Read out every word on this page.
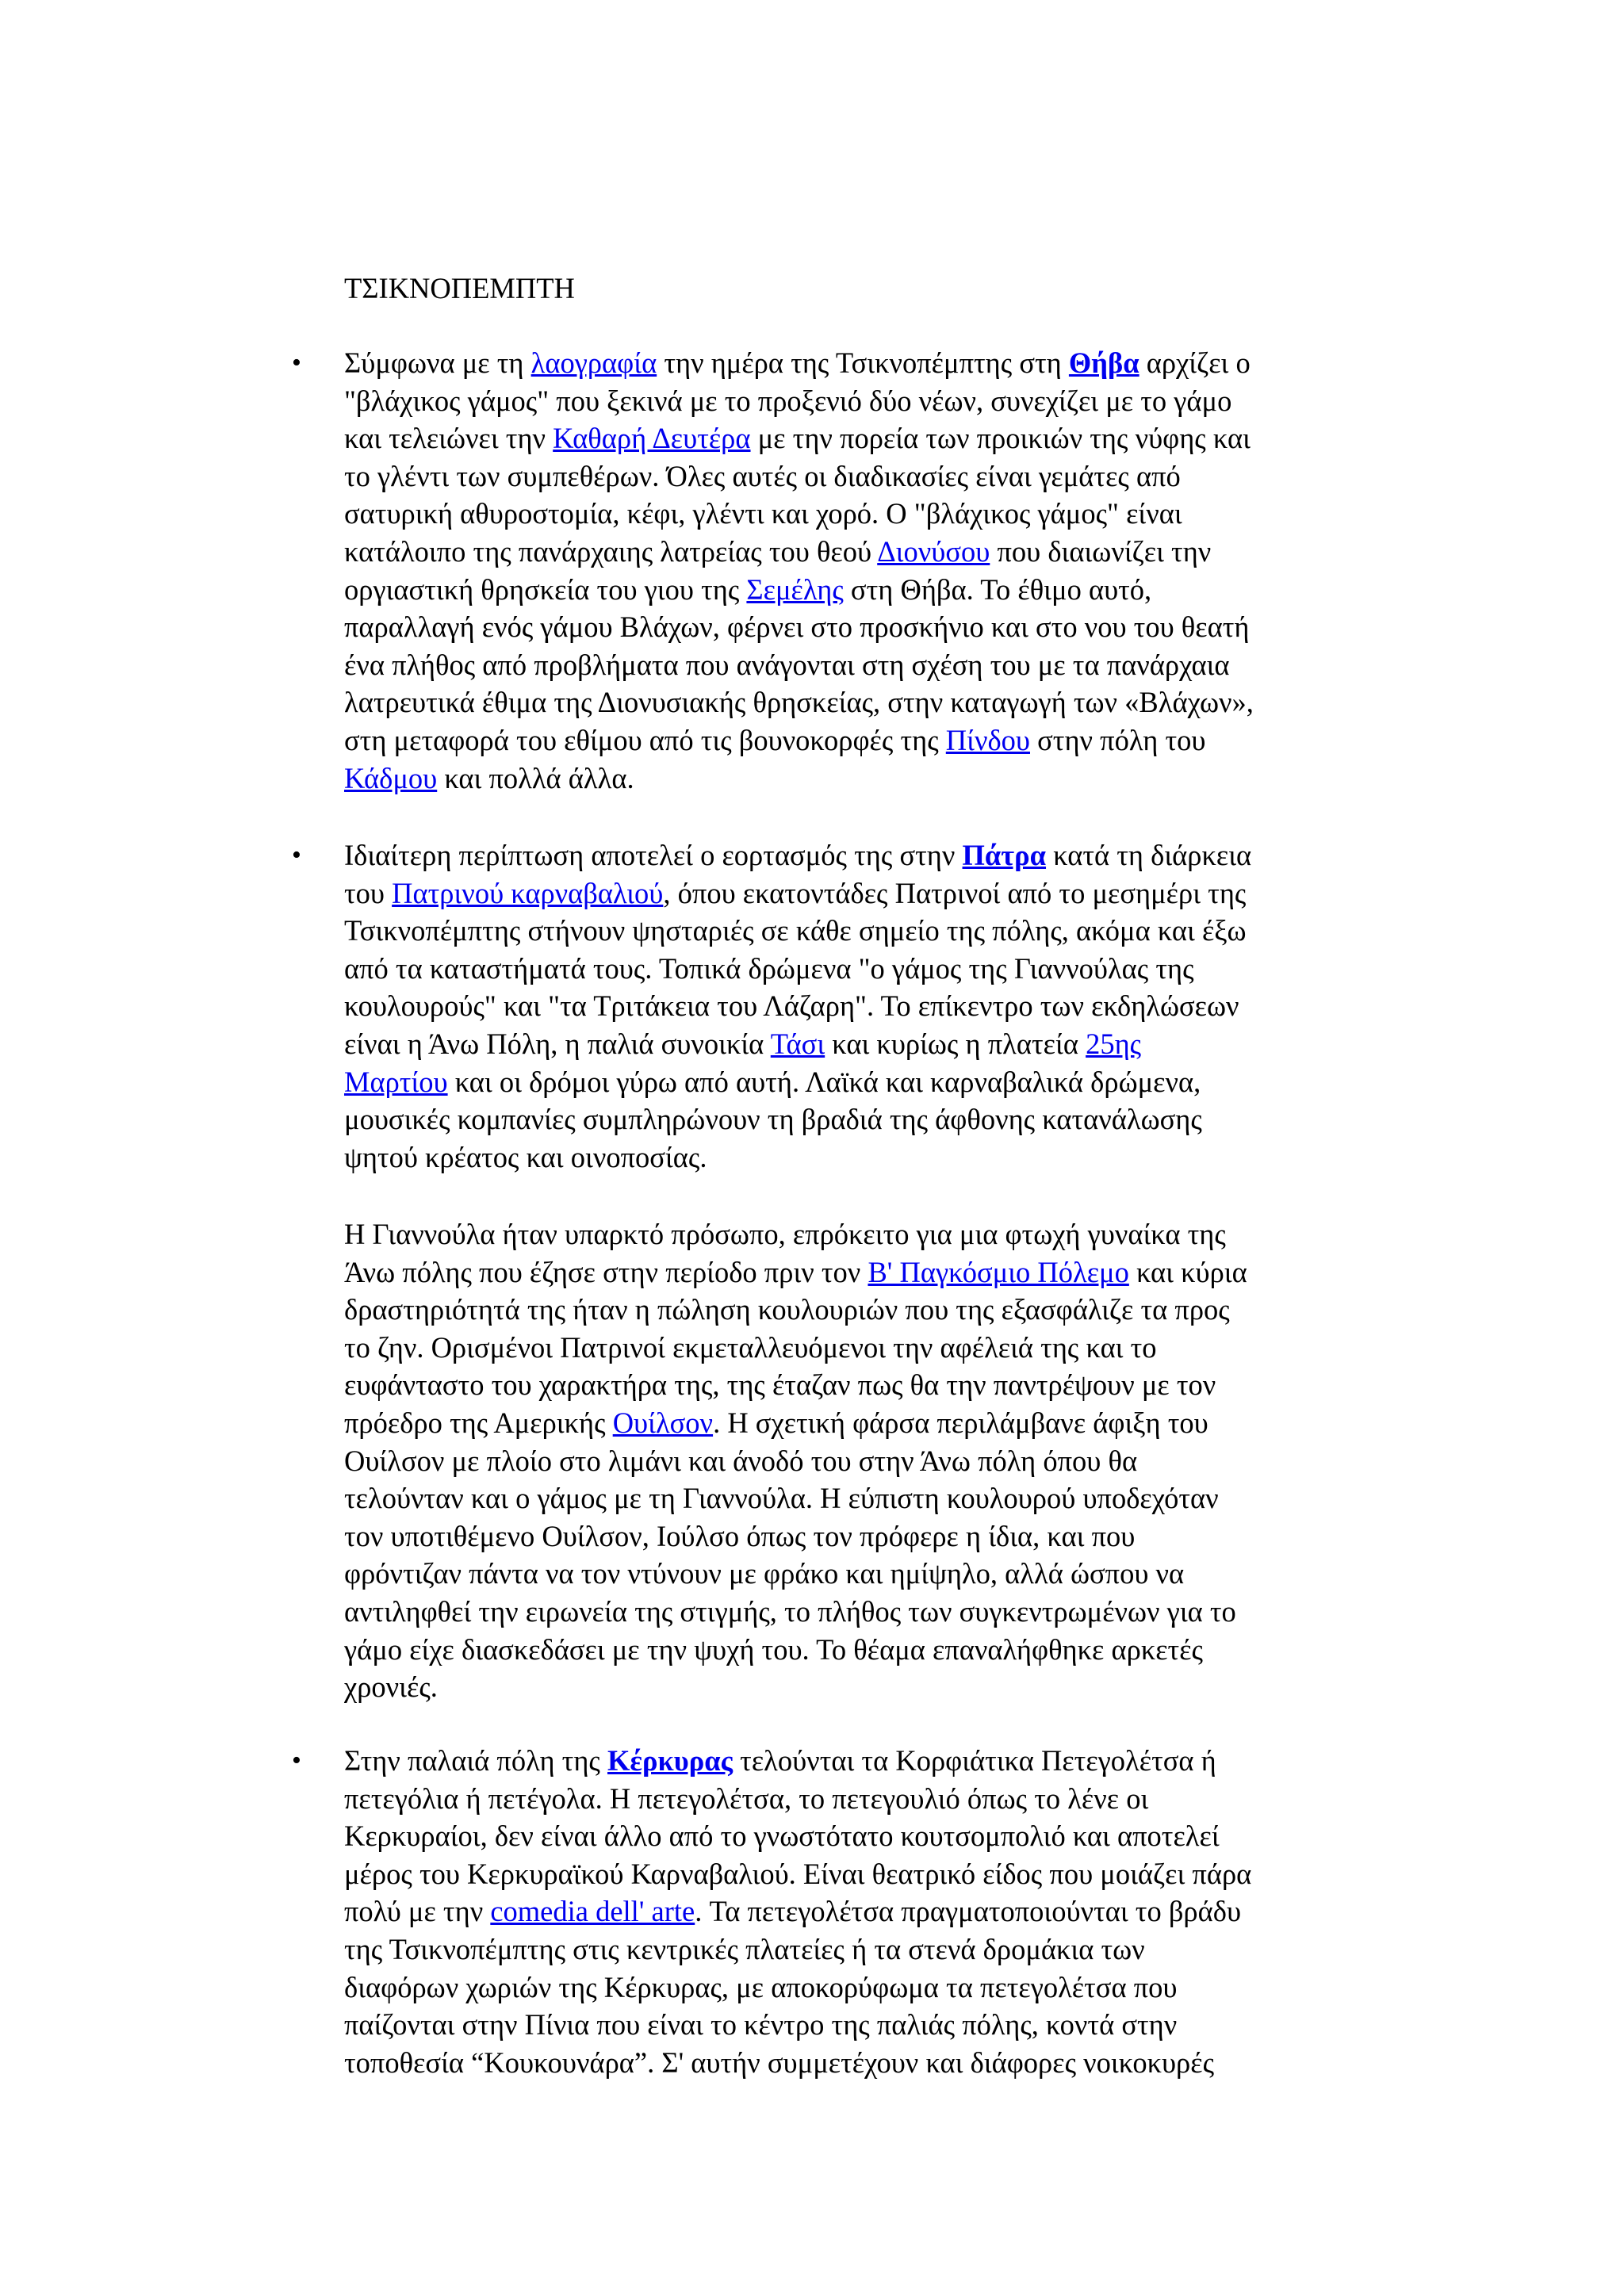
ΤΣΙΚΝΟΠΕΜΠΤΗ
• Σύμφωνα με τη λαογραφία την ημέρα της Τσικνοπέμπτης στη Θήβα αρχίζει ο
"βλάχικος γάμος" που ξεκινά με το προξενιό δύο νέων, συνεχίζει με το γάμο
και τελειώνει την Καθαρή Δευτέρα με την πορεία των προικιών της νύφης και
το γλέντι των συμπεθέρων. Όλες αυτές οι διαδικασίες είναι γεμάτες από
σατυρική αθυροστομία, κέφι, γλέντι και χορό. Ο "βλάχικος γάμος" είναι
κατάλοιπο της πανάρχαιης λατρείας του θεού Διονύσου που διαιωνίζει την
οργιαστική θρησκεία του γιου της Σεμέλης στη Θήβα. Το έθιμο αυτό,
παραλλαγή ενός γάμου Βλάχων, φέρνει στο προσκήνιο και στο νου του θεατή
ένα πλήθος από προβλήματα που ανάγονται στη σχέση του με τα πανάρχαια
λατρευτικά έθιμα της Διονυσιακής θρησκείας, στην καταγωγή των «Βλάχων»,
στη μεταφορά του εθίμου από τις βουνοκορφές της Πίνδου στην πόλη του
Κάδμου και πολλά άλλα.
• Ιδιαίτερη περίπτωση αποτελεί ο εορτασμός της στην Πάτρα κατά τη διάρκεια
του Πατρινού καρναβαλιού, όπου εκατοντάδες Πατρινοί από το μεσημέρι της
Τσικνοπέμπτης στήνουν ψησταριές σε κάθε σημείο της πόλης, ακόμα και έξω
από τα καταστήματά τους. Τοπικά δρώμενα "ο γάμος της Γιαννούλας της
κουλουρούς" και "τα Τριτάκεια του Λάζαρη". Το επίκεντρο των εκδηλώσεων
είναι η Άνω Πόλη, η παλιά συνοικία Τάσι και κυρίως η πλατεία 25ης
Μαρτίου και οι δρόμοι γύρω από αυτή. Λαϊκά και καρναβαλικά δρώμενα,
μουσικές κομπανίες συμπληρώνουν τη βραδιά της άφθονης κατανάλωσης
ψητού κρέατος και οινοποσίας.
Η Γιαννούλα ήταν υπαρκτό πρόσωπο, επρόκειτο για μια φτωχή γυναίκα της
Άνω πόλης που έζησε στην περίοδο πριν τον Β' Παγκόσμιο Πόλεμο και κύρια
δραστηριότητά της ήταν η πώληση κουλουριών που της εξασφάλιζε τα προς
το ζην. Ορισμένοι Πατρινοί εκμεταλλευόμενοι την αφέλειά της και το
ευφάνταστο του χαρακτήρα της, της έταζαν πως θα την παντρέψουν με τον
πρόεδρο της Αμερικής Ουίλσον. Η σχετική φάρσα περιλάμβανε άφιξη του
Ουίλσον με πλοίο στο λιμάνι και άνοδό του στην Άνω πόλη όπου θα
τελούνταν και ο γάμος με τη Γιαννούλα. Η εύπιστη κουλουρού υποδεχόταν
τον υποτιθέμενο Ουίλσον, Ιούλσο όπως τον πρόφερε η ίδια, και που
φρόντιζαν πάντα να τον ντύνουν με φράκο και ημίψηλο, αλλά ώσπου να
αντιληφθεί την ειρωνεία της στιγμής, το πλήθος των συγκεντρωμένων για το
γάμο είχε διασκεδάσει με την ψυχή του. Το θέαμα επαναλήφθηκε αρκετές
χρονιές.
• Στην παλαιά πόλη της Κέρκυρας τελούνται τα Κορφιάτικα Πετεγολέτσα ή
πετεγόλια ή πετέγολα. Η πετεγολέτσα, το πετεγουλιό όπως το λένε οι
Κερκυραίοι, δεν είναι άλλο από το γνωστότατο κουτσομπολιό και αποτελεί
μέρος του Κερκυραϊκού Καρναβαλιού. Είναι θεατρικό είδος που μοιάζει πάρα
πολύ με την comedia dell' arte. Τα πετεγολέτσα πραγματοποιούνται το βράδυ
της Τσικνοπέμπτης στις κεντρικές πλατείες ή τα στενά δρομάκια των
διαφόρων χωριών της Κέρκυρας, με αποκορύφωμα τα πετεγολέτσα που
παίζονται στην Πίνια που είναι το κέντρο της παλιάς πόλης, κοντά στην
τοποθεσία “Κουκουνάρα”. Σ' αυτήν συμμετέχουν και διάφορες νοικοκυρές
